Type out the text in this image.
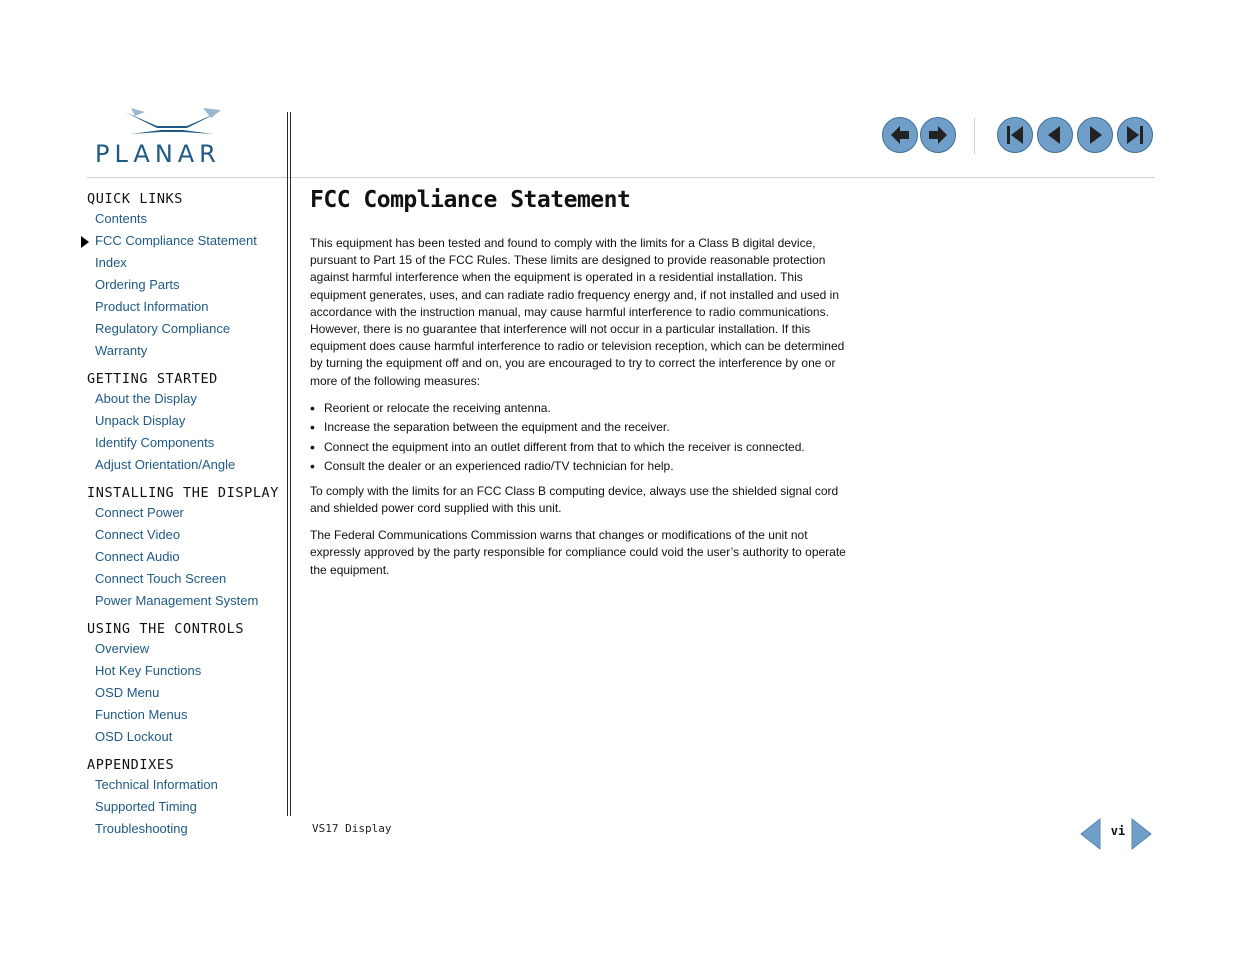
PLANAR
QUICK LINKS
Contents
FCC Compliance Statement
Index
Ordering Parts
Product Information
Regulatory Compliance
Warranty
GETTING STARTED
About the Display
Unpack Display
Identify Components
Adjust Orientation/Angle
INSTALLING THE DISPLAY
Connect Power
Connect Video
Connect Audio
Connect Touch Screen
Power Management System
USING THE CONTROLS
Overview
Hot Key Functions
OSD Menu
Function Menus
OSD Lockout
APPENDIXES
Technical Information
Supported Timing
Troubleshooting
FCC Compliance Statement

This equipment has been tested and found to comply with the limits for a Class B digital device, pursuant to Part 15 of the FCC Rules. These limits are designed to provide reasonable protection against harmful interference when the equipment is operated in a residential installation. This equipment generates, uses, and can radiate radio frequency energy and, if not installed and used in accordance with the instruction manual, may cause harmful interference to radio communications. However, there is no guarantee that interference will not occur in a particular installation. If this equipment does cause harmful interference to radio or television reception, which can be determined by turning the equipment off and on, you are encouraged to try to correct the interference by one or more of the following measures:

• Reorient or relocate the receiving antenna.
• Increase the separation between the equipment and the receiver.
• Connect the equipment into an outlet different from that to which the receiver is connected.
• Consult the dealer or an experienced radio/TV technician for help.

To comply with the limits for an FCC Class B computing device, always use the shielded signal cord and shielded power cord supplied with this unit.

The Federal Communications Commission warns that changes or modifications of the unit not expressly approved by the party responsible for compliance could void the user’s authority to operate the equipment.

VS17 Display	vi
